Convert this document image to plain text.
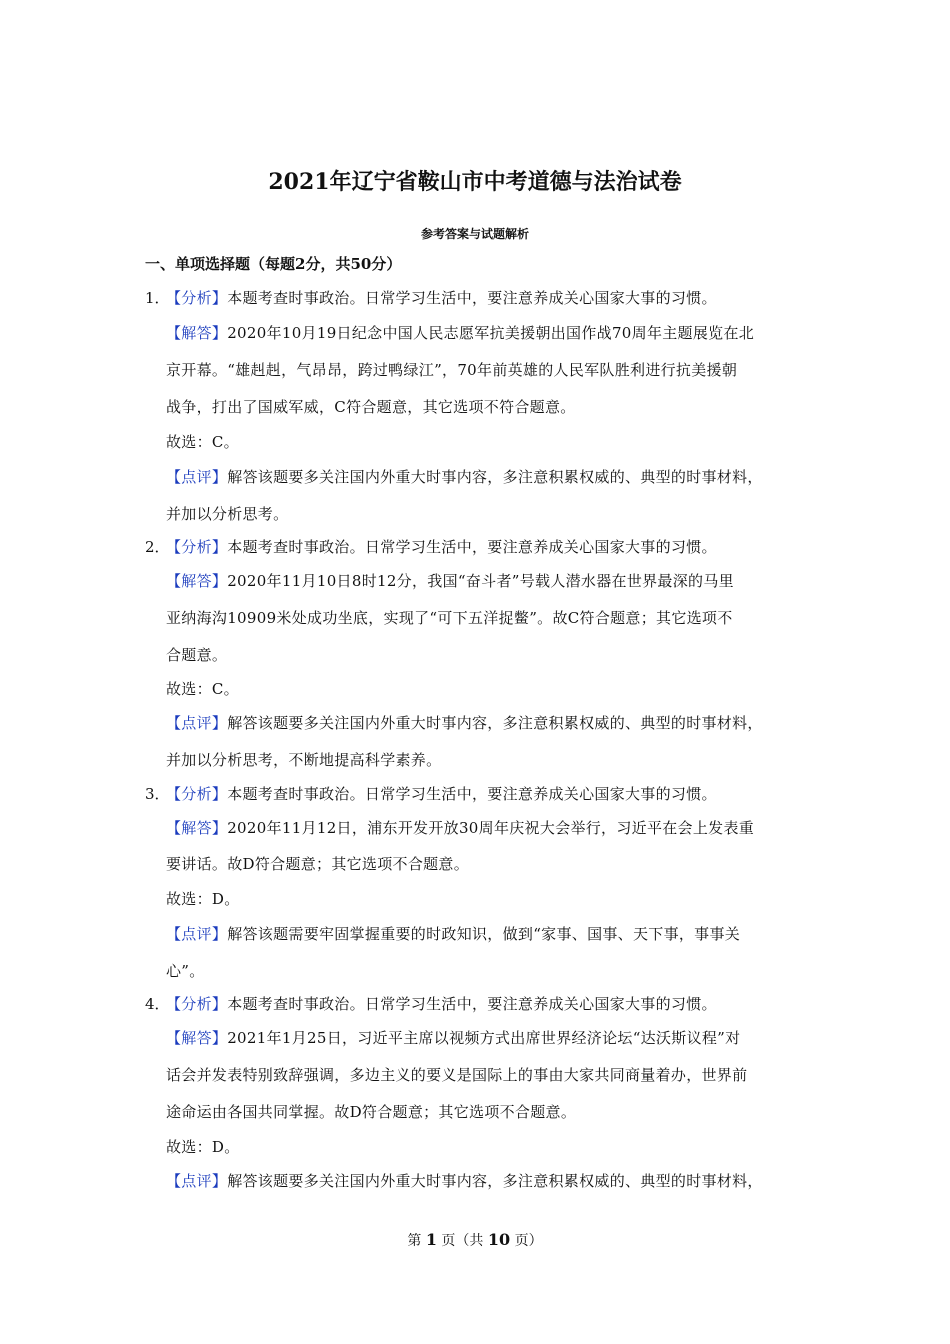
2021年辽宁省鞍山市中考道德与法治试卷
参考答案与试题解析
一、单项选择题（每题2分，共50分）
1．
【分析】本题考查时事政治。日常学习生活中，要注意养成关心国家大事的习惯。
【解答】2020年10月19日纪念中国人民志愿军抗美援朝出国作战70周年主题展览在北
京开幕。“雄赳赳，气昂昂，跨过鸭绿江”，70年前英雄的人民军队胜利进行抗美援朝
战争，打出了国威军威，C符合题意，其它选项不符合题意。
故选：C。
【点评】解答该题要多关注国内外重大时事内容，多注意积累权威的、典型的时事材料，
并加以分析思考。
2．
【分析】本题考查时事政治。日常学习生活中，要注意养成关心国家大事的习惯。
【解答】2020年11月10日8时12分，我国“奋斗者”号载人潜水器在世界最深的马里
亚纳海沟10909米处成功坐底，实现了“可下五洋捉鳖”。故C符合题意；其它选项不
合题意。
故选：C。
【点评】解答该题要多关注国内外重大时事内容，多注意积累权威的、典型的时事材料，
并加以分析思考，不断地提高科学素养。
3．
【分析】本题考查时事政治。日常学习生活中，要注意养成关心国家大事的习惯。
【解答】2020年11月12日，浦东开发开放30周年庆祝大会举行，习近平在会上发表重
要讲话。故D符合题意；其它选项不合题意。
故选：D。
【点评】解答该题需要牢固掌握重要的时政知识，做到“家事、国事、天下事，事事关
心”。
4．
【分析】本题考查时事政治。日常学习生活中，要注意养成关心国家大事的习惯。
【解答】2021年1月25日，习近平主席以视频方式出席世界经济论坛“达沃斯议程”对
话会并发表特别致辞强调，多边主义的要义是国际上的事由大家共同商量着办，世界前
途命运由各国共同掌握。故D符合题意；其它选项不合题意。
故选：D。
【点评】解答该题要多关注国内外重大时事内容，多注意积累权威的、典型的时事材料，
第 1 页（共 10 页）
